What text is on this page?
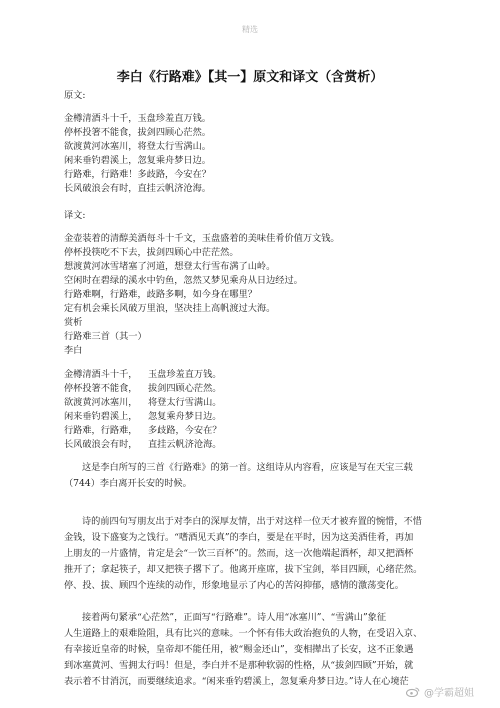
精选
李白《行路难》【其一】原文和译文（含赏析）
原文:
金樽清酒斗十千，玉盘珍羞直万钱。
停杯投箸不能食，拔剑四顾心茫然。
欲渡黄河冰塞川，将登太行雪满山。
闲来垂钓碧溪上，忽复乘舟梦日边。
行路难，行路难！多歧路，今安在？
长风破浪会有时，直挂云帆济沧海。
译文:
金壶装着的清醇美酒每斗十千文，玉盘盛着的美味佳肴价值万文钱。
停杯投筷吃不下去，拔剑四顾心中茫茫然。
想渡黄河冰雪堵塞了河道，想登太行雪布满了山岭。
空闲时在碧绿的溪水中钓鱼，忽然又梦见乘舟从日边经过。
行路难啊，行路难，歧路多啊，如今身在哪里？
定有机会乘长风破万里浪，坚决挂上高帆渡过大海。
赏析
行路难三首（其一）
李白
金樽清酒斗十千， 玉盘珍羞直万钱。
停杯投箸不能食， 拔剑四顾心茫然。
欲渡黄河冰塞川， 将登太行雪满山。
闲来垂钓碧溪上， 忽复乘舟梦日边。
行路难，行路难， 多歧路，今安在？
长风破浪会有时， 直挂云帆济沧海。
这是李白所写的三首《行路难》的第一首。这组诗从内容看，应该是写在天宝三载
（744）李白离开长安的时候。
诗的前四句写朋友出于对李白的深厚友情，出于对这样一位天才被弃置的惋惜，不惜
金钱，设下盛宴为之饯行。“嗜酒见天真”的李白，要是在平时，因为这美酒佳肴，再加
上朋友的一片盛情，肯定是会“一饮三百杯”的。然而，这一次他端起酒杯，却又把酒杯
推开了；拿起筷子，却又把筷子撂下了。他离开座席，拔下宝剑，举目四顾，心绪茫然。
停、投、拔、顾四个连续的动作，形象地显示了内心的苦闷抑郁，感情的激荡变化。
接着两句紧承“心茫然”，正面写“行路难”。诗人用“冰塞川”、“雪满山”象征
人生道路上的艰难险阻，具有比兴的意味。一个怀有伟大政治抱负的人物，在受诏入京、
有幸接近皇帝的时候，皇帝却不能任用，被“赐金还山”，变相撵出了长安，这不正象遇
到冰塞黄河、雪拥太行吗！但是，李白并不是那种软弱的性格，从“拔剑四顾”开始，就
表示着不甘消沉，而要继续追求。“闲来垂钓碧溪上，忽复乘舟梦日边。”诗人在心境茫
@学霸超姐
